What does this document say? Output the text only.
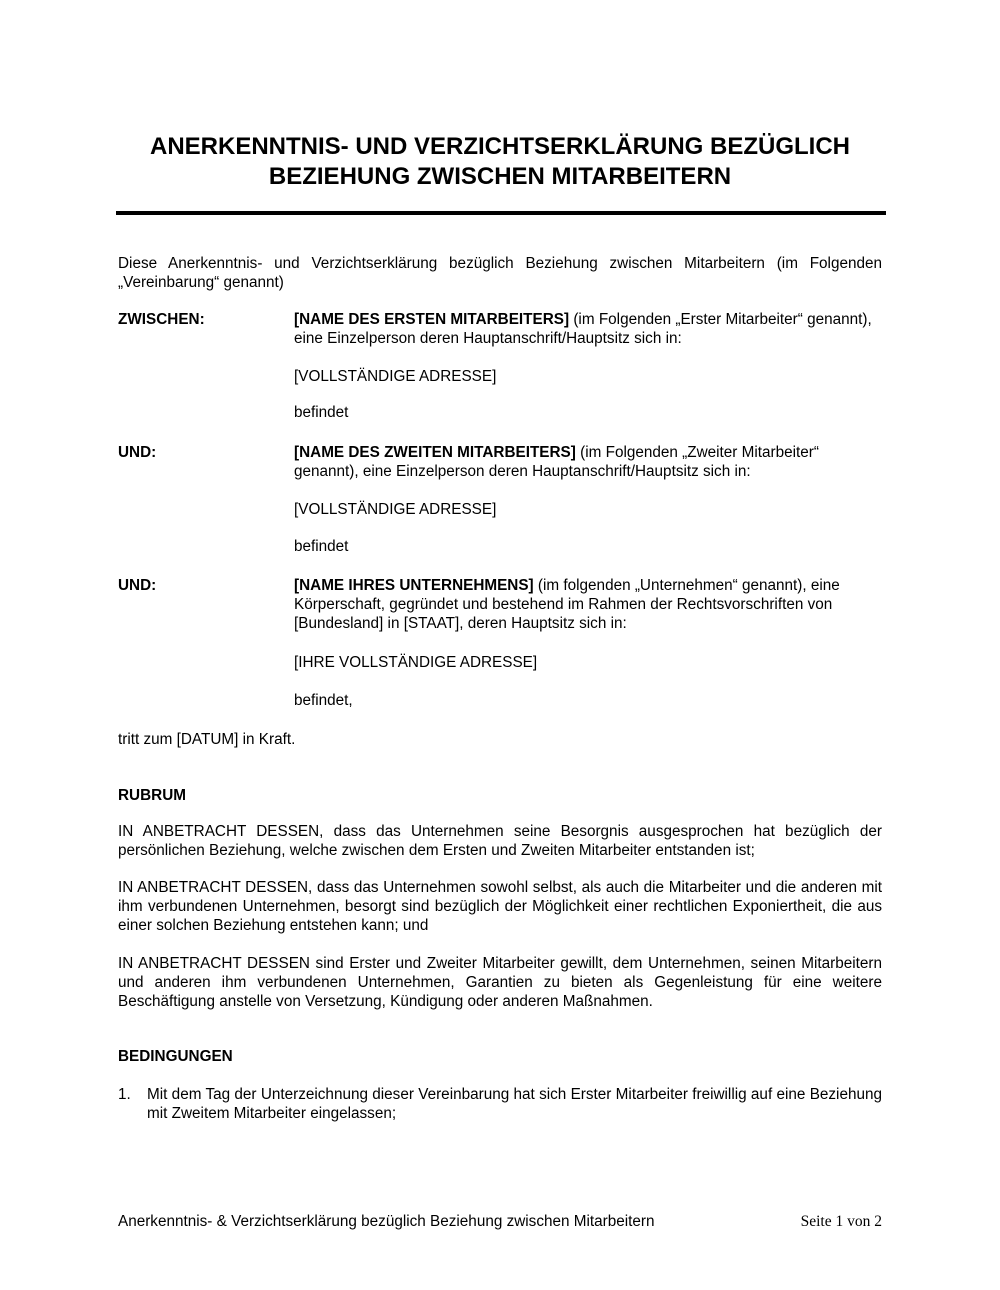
ANERKENNTNIS- UND VERZICHTSERKLÄRUNG BEZÜGLICH
BEZIEHUNG ZWISCHEN MITARBEITERN
Diese Anerkenntnis- und Verzichtserklärung bezüglich Beziehung zwischen Mitarbeitern (im Folgenden „Vereinbarung“ genannt)
ZWISCHEN:	[NAME DES ERSTEN MITARBEITERS] (im Folgenden „Erster Mitarbeiter“ genannt), eine Einzelperson deren Hauptanschrift/Hauptsitz sich in:
[VOLLSTÄNDIGE ADRESSE]
befindet
UND:	[NAME DES ZWEITEN MITARBEITERS] (im Folgenden „Zweiter Mitarbeiter“ genannt), eine Einzelperson deren Hauptanschrift/Hauptsitz sich in:
[VOLLSTÄNDIGE ADRESSE]
befindet
UND:	[NAME IHRES UNTERNEHMENS] (im folgenden „Unternehmen“ genannt), eine Körperschaft, gegründet und bestehend im Rahmen der Rechtsvorschriften von [Bundesland] in [STAAT], deren Hauptsitz sich in:
[IHRE VOLLSTÄNDIGE ADRESSE]
befindet,
tritt zum [DATUM] in Kraft.
RUBRUM
IN ANBETRACHT DESSEN, dass das Unternehmen seine Besorgnis ausgesprochen hat bezüglich der persönlichen Beziehung, welche zwischen dem Ersten und Zweiten Mitarbeiter entstanden ist;
IN ANBETRACHT DESSEN, dass das Unternehmen sowohl selbst, als auch die Mitarbeiter und die anderen mit ihm verbundenen Unternehmen, besorgt sind bezüglich der Möglichkeit einer rechtlichen Exponiertheit, die aus einer solchen Beziehung entstehen kann; und
IN ANBETRACHT DESSEN sind Erster und Zweiter Mitarbeiter gewillt, dem Unternehmen, seinen Mitarbeitern und anderen ihm verbundenen Unternehmen, Garantien zu bieten als Gegenleistung für eine weitere Beschäftigung anstelle von Versetzung, Kündigung oder anderen Maßnahmen.
BEDINGUNGEN
1. Mit dem Tag der Unterzeichnung dieser Vereinbarung hat sich Erster Mitarbeiter freiwillig auf eine Beziehung mit Zweitem Mitarbeiter eingelassen;
Anerkenntnis- & Verzichtserklärung bezüglich Beziehung zwischen Mitarbeitern	Seite 1 von 2
